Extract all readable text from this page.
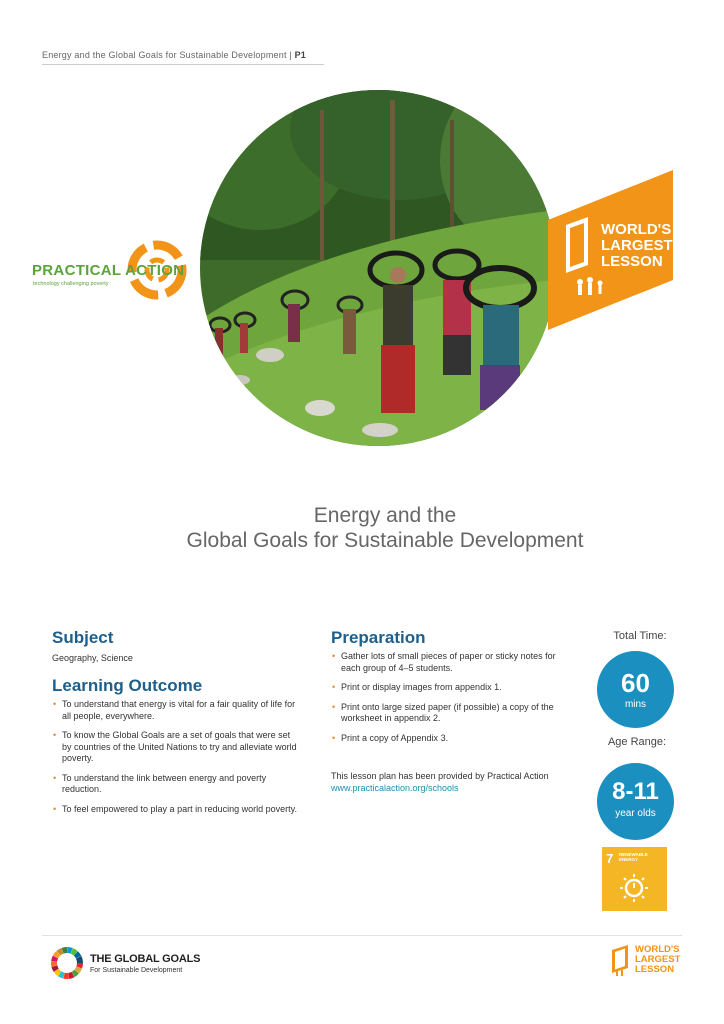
Energy and the Global Goals for Sustainable Development | P1
PRACTICAL ACTION
technology challenging poverty
WORLD'S
LARGEST
LESSON
Energy and the
Global Goals for Sustainable Development
Subject
Geography, Science
Learning Outcome
• To understand that energy is vital for a fair quality of life for all people, everywhere.
• To know the Global Goals are a set of goals that were set by countries of the United Nations to try and alleviate world poverty.
• To understand the link between energy and poverty reduction.
• To feel empowered to play a part in reducing world poverty.
Preparation
• Gather lots of small pieces of paper or sticky notes for each group of 4–5 students.
• Print or display images from appendix 1.
• Print onto large sized paper (if possible) a copy of the worksheet in appendix 2.
• Print a copy of Appendix 3.
This lesson plan has been provided by Practical Action www.practicalaction.org/schools
Total Time:
60
mins
Age Range:
8-11
year olds
7 RENEWABLE ENERGY
THE GLOBAL GOALS
For Sustainable Development
WORLD'S
LARGEST
LESSON
